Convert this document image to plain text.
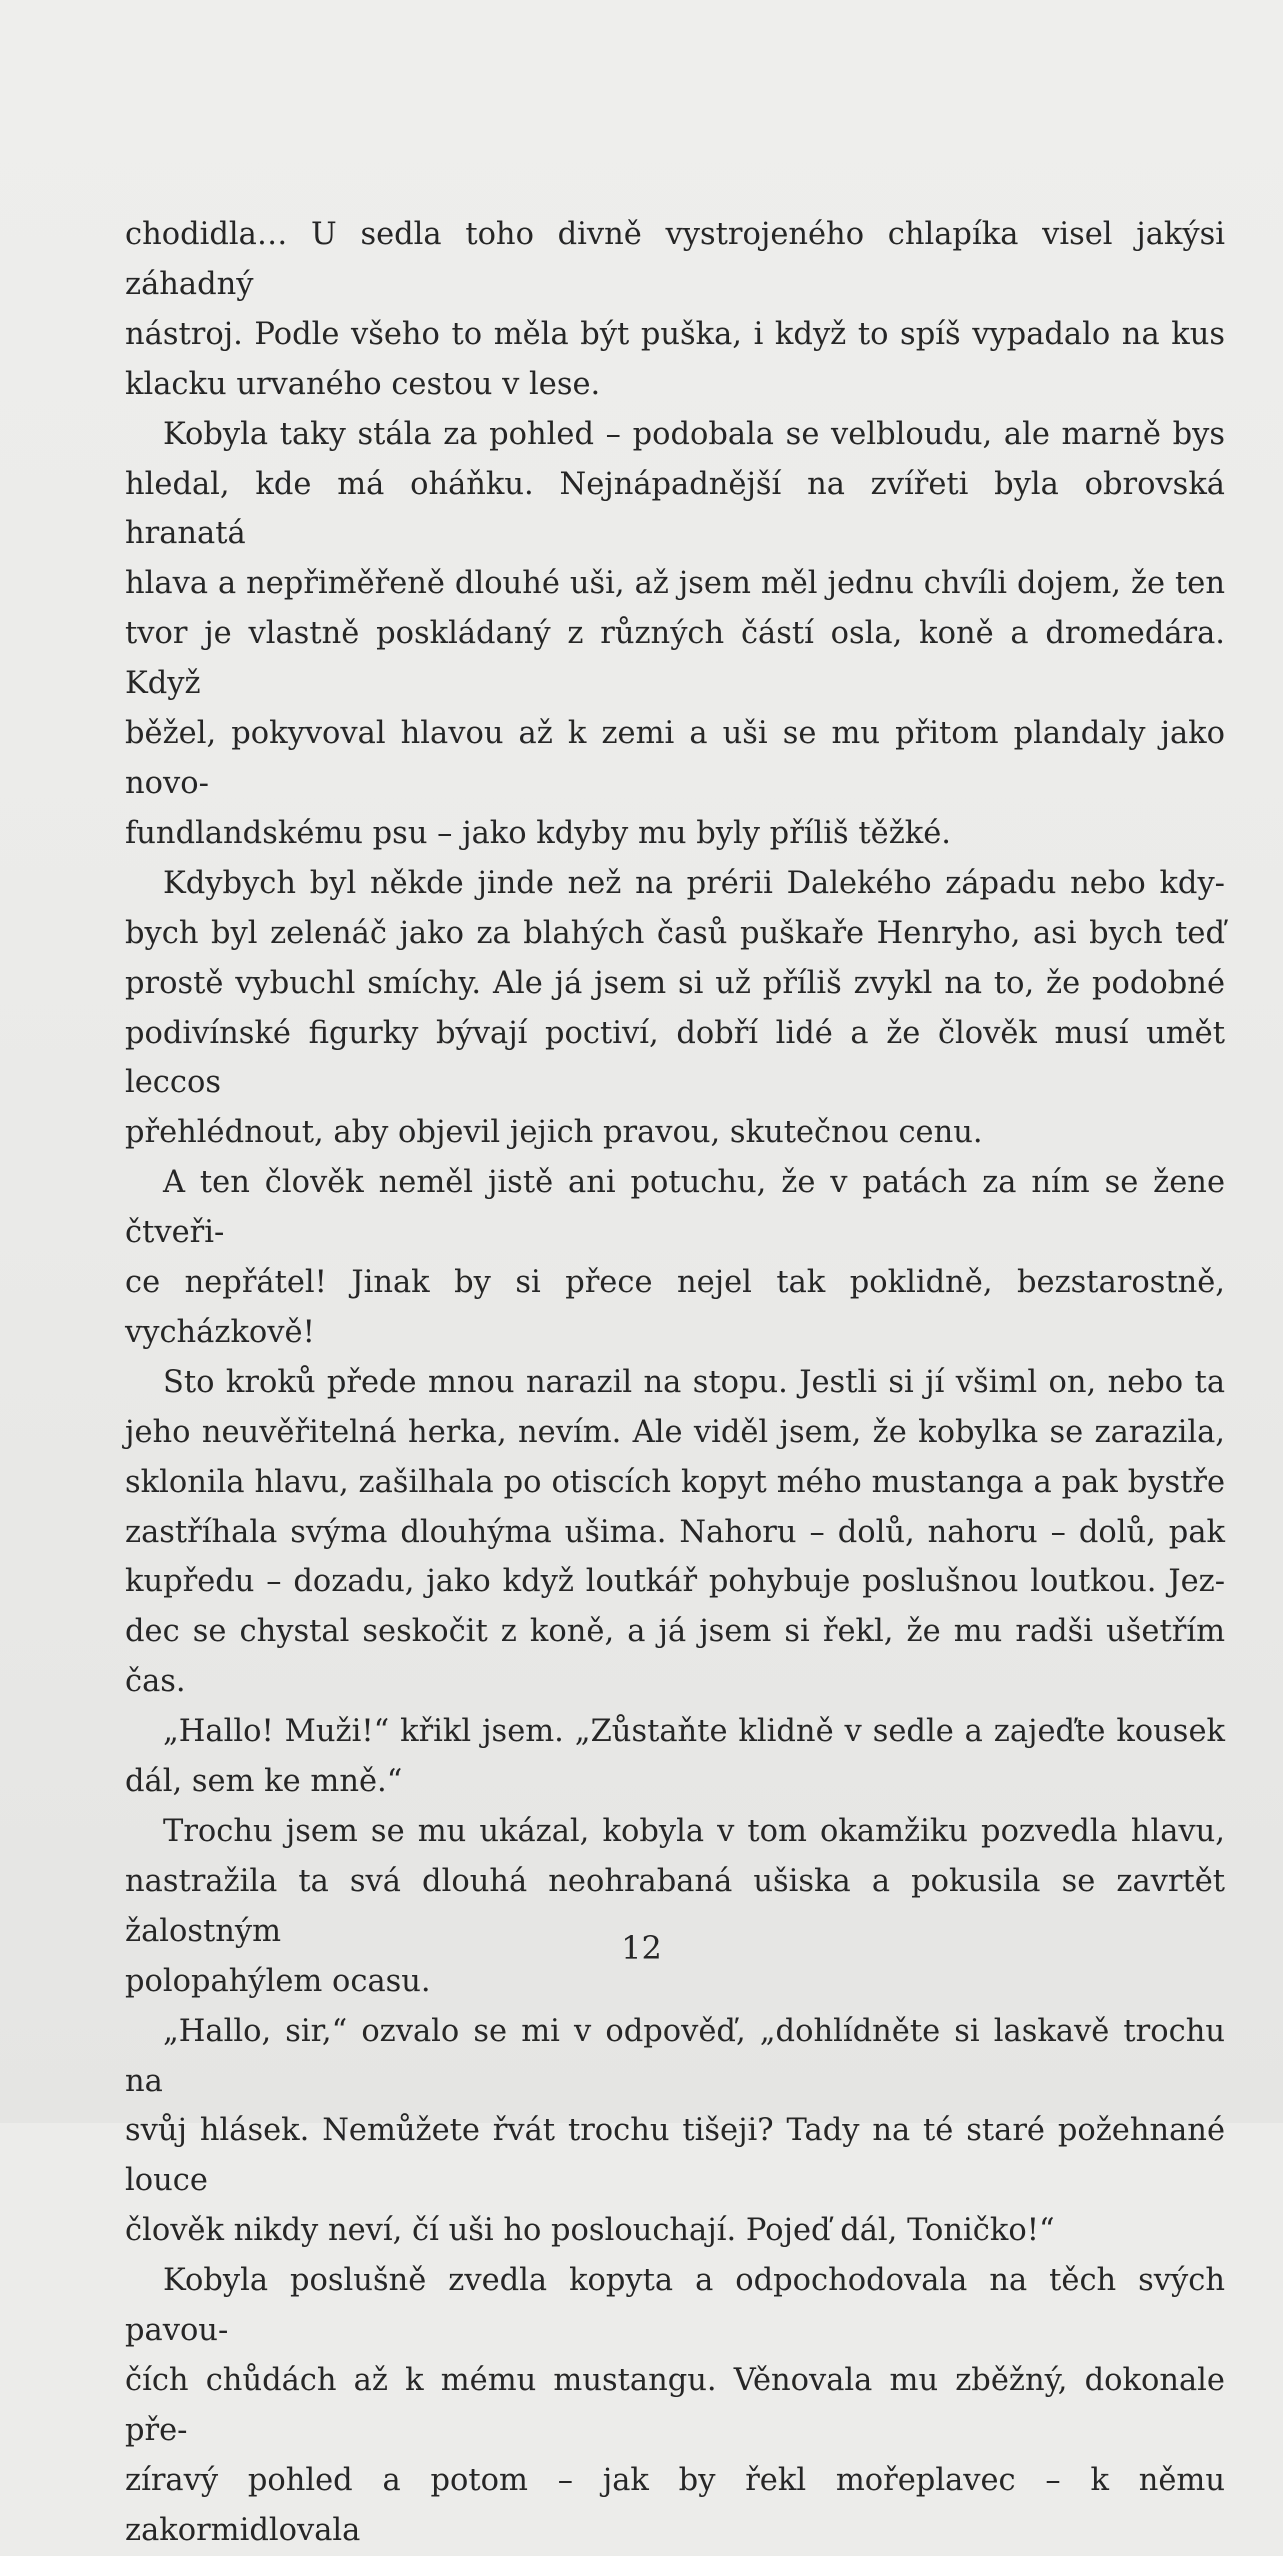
chodidla… U sedla toho divně vystrojeného chlapíka visel jakýsi záhadný

nástroj. Podle všeho to měla být puška, i když to spíš vypadalo na kus

klacku urvaného cestou v lese.

Kobyla taky stála za pohled – podobala se velbloudu, ale marně bys

hledal, kde má oháňku. Nejnápadnější na zvířeti byla obrovská hranatá

hlava a nepřiměřeně dlouhé uši, až jsem měl jednu chvíli dojem, že ten

tvor je vlastně poskládaný z různých částí osla, koně a dromedára. Když

běžel, pokyvoval hlavou až k zemi a uši se mu přitom plandaly jako novo-

fundlandskému psu – jako kdyby mu byly příliš těžké.

Kdybych byl někde jinde než na prérii Dalekého západu nebo kdy-

bych byl zelenáč jako za blahých časů puškaře Henryho, asi bych teď

prostě vybuchl smíchy. Ale já jsem si už příliš zvykl na to, že podobné

podivínské figurky bývají poctiví, dobří lidé a že člověk musí umět leccos

přehlédnout, aby objevil jejich pravou, skutečnou cenu.

A ten člověk neměl jistě ani potuchu, že v patách za ním se žene čtveři-

ce nepřátel! Jinak by si přece nejel tak poklidně, bezstarostně, vycházkově!

Sto kroků přede mnou narazil na stopu. Jestli si jí všiml on, nebo ta

jeho neuvěřitelná herka, nevím. Ale viděl jsem, že kobylka se zarazila,

sklonila hlavu, zašilhala po otiscích kopyt mého mustanga a pak bystře

zastříhala svýma dlouhýma ušima. Nahoru – dolů, nahoru – dolů, pak

kupředu – dozadu, jako když loutkář pohybuje poslušnou loutkou. Jez-

dec se chystal seskočit z koně, a já jsem si řekl, že mu radši ušetřím čas.

„Hallo! Muži!“ křikl jsem. „Zůstaňte klidně v sedle a zajeďte kousek

dál, sem ke mně.“

Trochu jsem se mu ukázal, kobyla v tom okamžiku pozvedla hlavu,

nastražila ta svá dlouhá neohrabaná ušiska a pokusila se zavrtět žalostným

polopahýlem ocasu.

„Hallo, sir,“ ozvalo se mi v odpověď, „dohlídněte si laskavě trochu na

svůj hlásek. Nemůžete řvát trochu tišeji? Tady na té staré požehnané louce

člověk nikdy neví, čí uši ho poslouchají. Pojeď dál, Toničko!“

Kobyla poslušně zvedla kopyta a odpochodovala na těch svých pavou-

čích chůdách až k mému mustangu. Věnovala mu zběžný, dokonale pře-

zíravý pohled a potom – jak by řekl mořeplavec – k němu zakormidlovala

12
